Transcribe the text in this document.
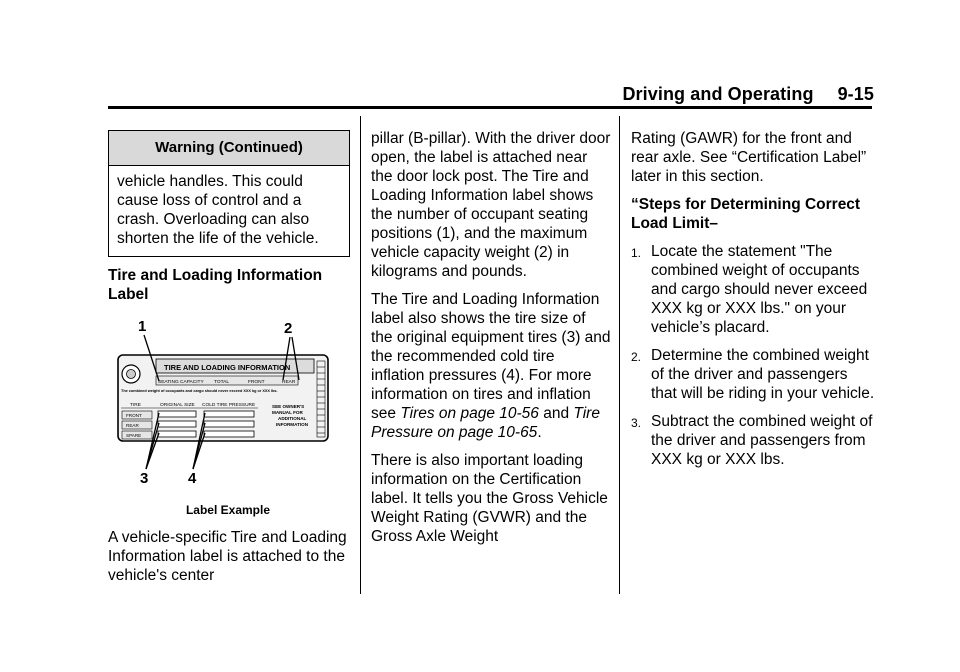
Driving and Operating 9-15
Warning (Continued)
vehicle handles. This could cause loss of control and a crash. Overloading can also shorten the life of the vehicle.

Tire and Loading Information Label

1	2
3	4
TIRE AND LOADING INFORMATION
SEATING CAPACITY TOTAL	FRONT	REAR
The combined weight of occupants and cargo should never exceed XXX kg or XXX lbs.
TIRE	ORIGINAL SIZE COLD TIRE PRESSURE
FRONT
REAR
SPARE
SEE OWNER'S
MANUAL FOR
ADDITIONAL
INFORMATION
Label Example

A vehicle-specific Tire and Loading Information label is attached to the vehicle's center

pillar (B-pillar). With the driver door open, the label is attached near the door lock post. The Tire and Loading Information label shows the number of occupant seating positions (1), and the maximum vehicle capacity weight (2) in kilograms and pounds.

The Tire and Loading Information label also shows the tire size of the original equipment tires (3) and the recommended cold tire inflation pressures (4). For more information on tires and inflation see Tires on page 10-56 and Tire Pressure on page 10-65.

There is also important loading information on the Certification label. It tells you the Gross Vehicle Weight Rating (GVWR) and the Gross Axle Weight

Rating (GAWR) for the front and rear axle. See “Certification Label” later in this section.

“Steps for Determining Correct Load Limit–

1. Locate the statement "The combined weight of occupants and cargo should never exceed XXX kg or XXX lbs." on your vehicle’s placard.
2. Determine the combined weight of the driver and passengers that will be riding in your vehicle.
3. Subtract the combined weight of the driver and passengers from XXX kg or XXX lbs.
